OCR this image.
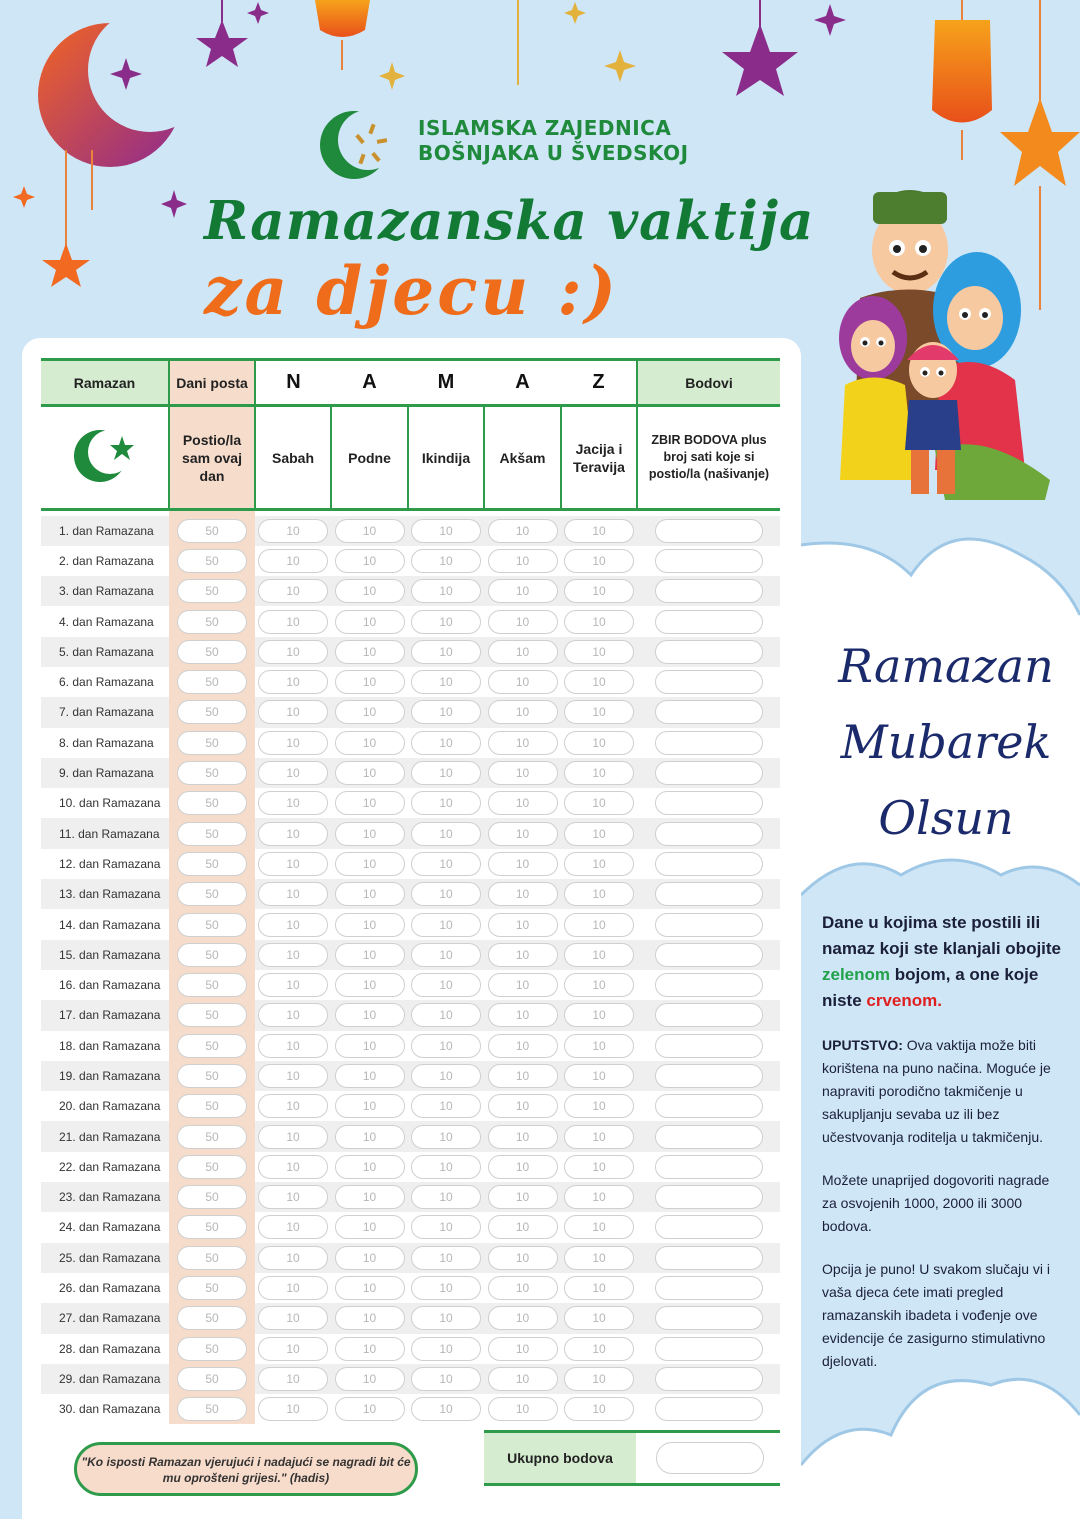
ISLAMSKA ZAJEDNICA
BOŠNJAKA U ŠVEDSKOJ
Ramazanska vaktija
za djecu :)
Ramazan	Dani posta	N	A	M	A	Z	Bodovi
	Postio/la sam ovaj dan	Sabah	Podne	Ikindija	Akšam	Jacija i Teravija	ZBIR BODOVA plus broj sati koje si postio/la (našivanje)

1. dan Ramazana	50	10	10	10	10	10	

2. dan Ramazana	50	10	10	10	10	10	

3. dan Ramazana	50	10	10	10	10	10	

4. dan Ramazana	50	10	10	10	10	10	

5. dan Ramazana	50	10	10	10	10	10	

6. dan Ramazana	50	10	10	10	10	10	

7. dan Ramazana	50	10	10	10	10	10	

8. dan Ramazana	50	10	10	10	10	10	

9. dan Ramazana	50	10	10	10	10	10	

10. dan Ramazana	50	10	10	10	10	10	

11. dan Ramazana	50	10	10	10	10	10	

12. dan Ramazana	50	10	10	10	10	10	

13. dan Ramazana	50	10	10	10	10	10	

14. dan Ramazana	50	10	10	10	10	10	

15. dan Ramazana	50	10	10	10	10	10	

16. dan Ramazana	50	10	10	10	10	10	

17. dan Ramazana	50	10	10	10	10	10	

18. dan Ramazana	50	10	10	10	10	10	

19. dan Ramazana	50	10	10	10	10	10	

20. dan Ramazana	50	10	10	10	10	10	

21. dan Ramazana	50	10	10	10	10	10	

22. dan Ramazana	50	10	10	10	10	10	

23. dan Ramazana	50	10	10	10	10	10	

24. dan Ramazana	50	10	10	10	10	10	

25. dan Ramazana	50	10	10	10	10	10	

26. dan Ramazana	50	10	10	10	10	10	

27. dan Ramazana	50	10	10	10	10	10	

28. dan Ramazana	50	10	10	10	10	10	

29. dan Ramazana	50	10	10	10	10	10	

30. dan Ramazana	50	10	10	10	10	10	

Ukupno bodova
"Ko isposti Ramazan vjerujući i nadajući se nagradi bit će mu oprošteni grijesi." (hadis)
Ramazan
Mubarek
Olsun
Dane u kojima ste postili ili namaz koji ste klanjali obojite zelenom bojom, a one koje niste crvenom.
UPUTSTVO: Ova vaktija može biti korištena na puno načina. Moguće je napraviti porodično takmičenje u sakupljanju sevaba uz ili bez učestvovanja roditelja u takmičenju.
Možete unaprijed dogovoriti nagrade za osvojenih 1000, 2000 ili 3000 bodova.
Opcija je puno! U svakom slučaju vi i vaša djeca ćete imati pregled ramazanskih ibadeta i vođenje ove evidencije će zasigurno stimulativno djelovati.
